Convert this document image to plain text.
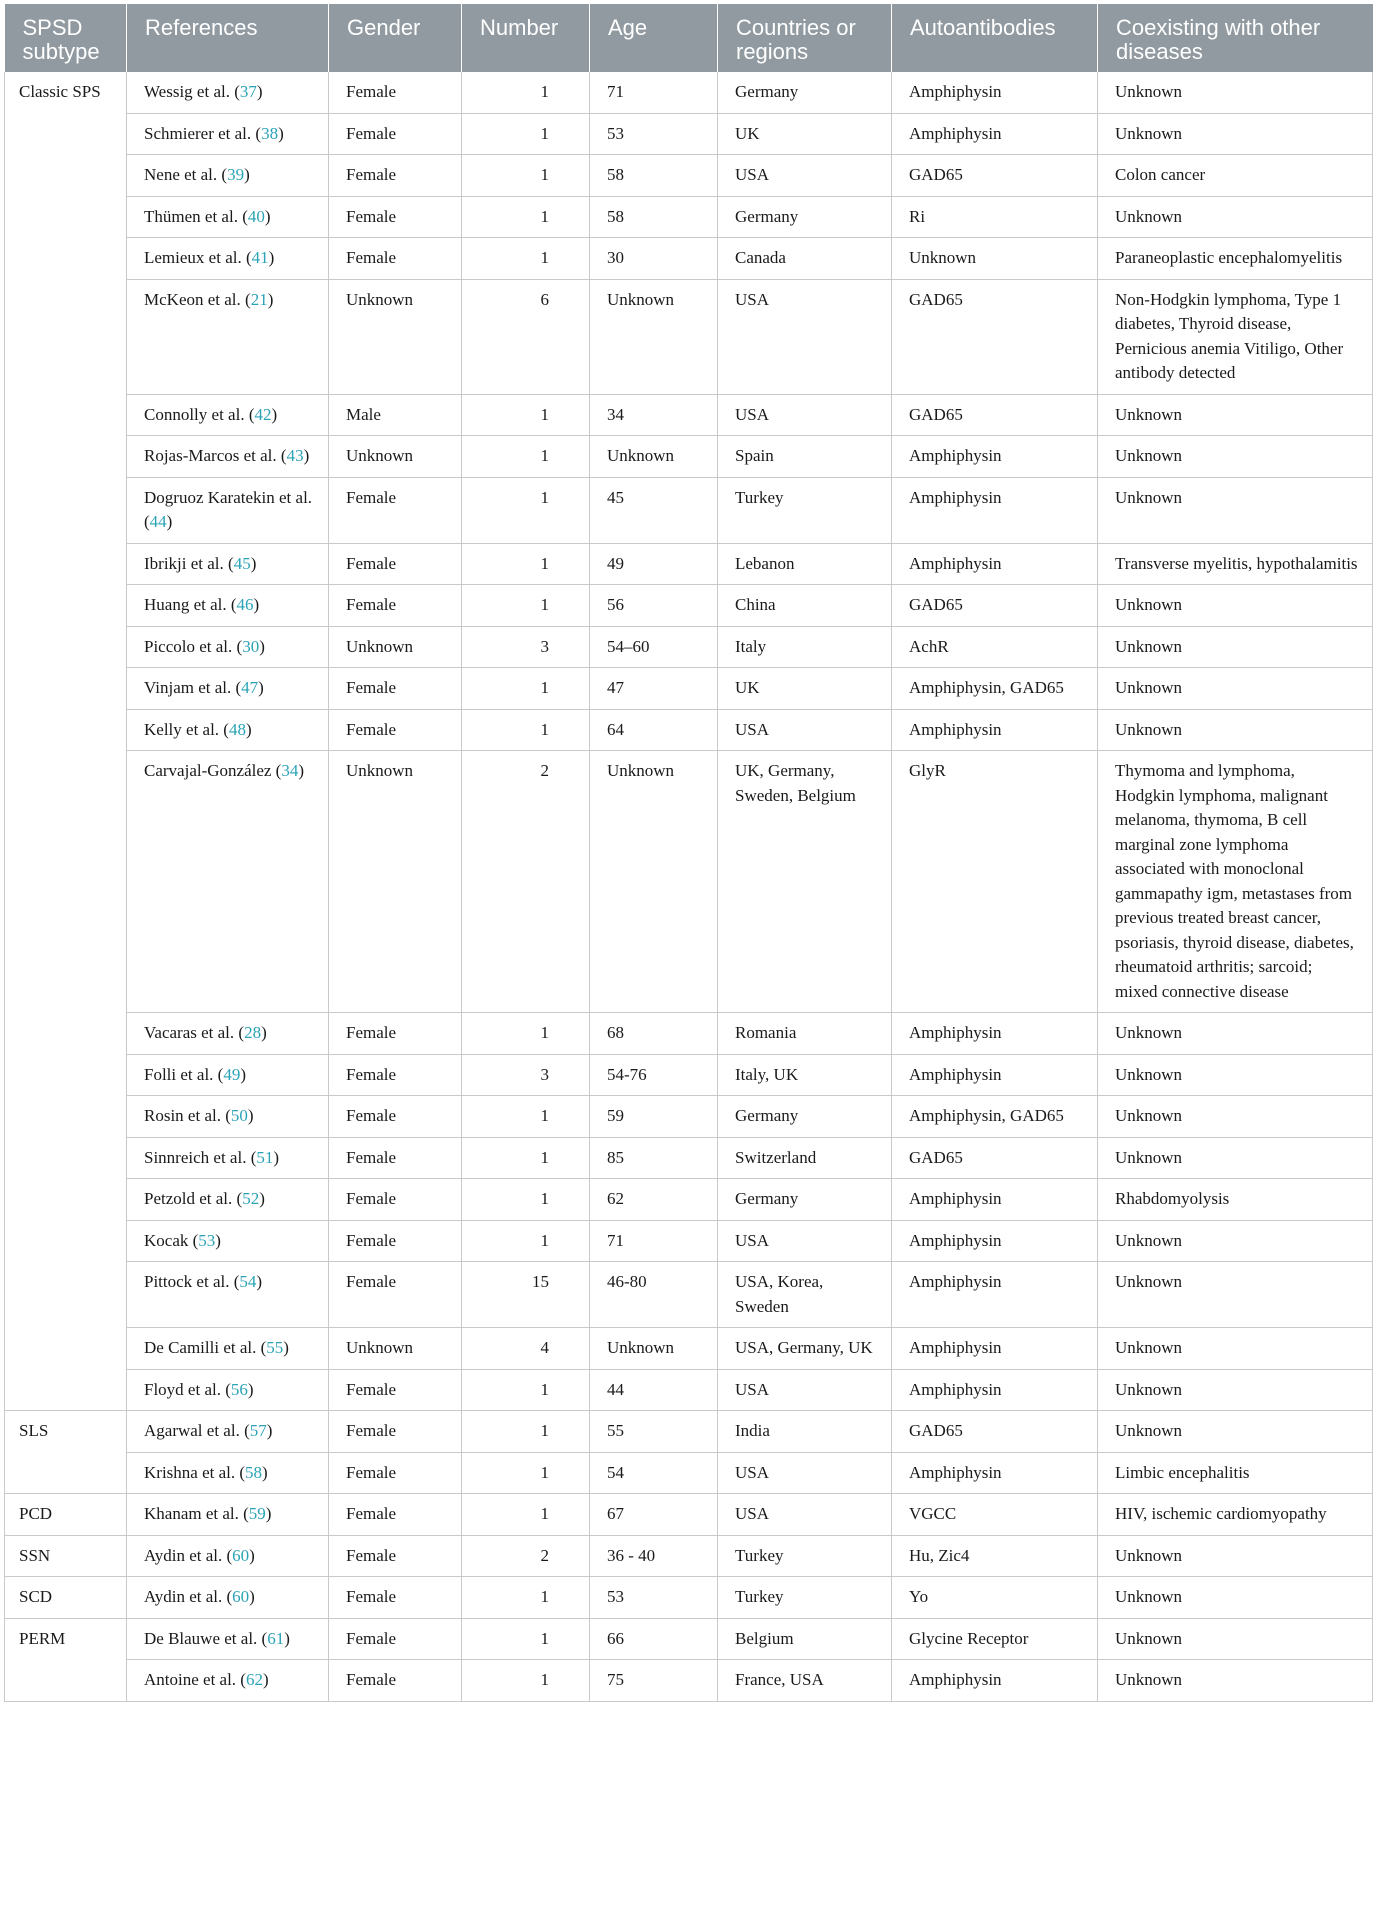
SPSD subtype	References	Gender	Number	Age	Countries or regions	Autoantibodies	Coexisting with other diseases
Classic SPS	Wessig et al. (37)	Female	1	71	Germany	Amphiphysin	Unknown
	Schmierer et al. (38)	Female	1	53	UK	Amphiphysin	Unknown
	Nene et al. (39)	Female	1	58	USA	GAD65	Colon cancer
	Thümen et al. (40)	Female	1	58	Germany	Ri	Unknown
	Lemieux et al. (41)	Female	1	30	Canada	Unknown	Paraneoplastic encephalomyelitis
	McKeon et al. (21)	Unknown	6	Unknown	USA	GAD65	Non-Hodgkin lymphoma, Type 1 diabetes, Thyroid disease, Pernicious anemia Vitiligo, Other antibody detected
	Connolly et al. (42)	Male	1	34	USA	GAD65	Unknown
	Rojas-Marcos et al. (43)	Unknown	1	Unknown	Spain	Amphiphysin	Unknown
	Dogruoz Karatekin et al. (44)	Female	1	45	Turkey	Amphiphysin	Unknown
	Ibrikji et al. (45)	Female	1	49	Lebanon	Amphiphysin	Transverse myelitis, hypothalamitis
	Huang et al. (46)	Female	1	56	China	GAD65	Unknown
	Piccolo et al. (30)	Unknown	3	54–60	Italy	AchR	Unknown
	Vinjam et al. (47)	Female	1	47	UK	Amphiphysin, GAD65	Unknown
	Kelly et al. (48)	Female	1	64	USA	Amphiphysin	Unknown
	Carvajal-González (34)	Unknown	2	Unknown	UK, Germany, Sweden, Belgium	GlyR	Thymoma and lymphoma, Hodgkin lymphoma, malignant melanoma, thymoma, B cell marginal zone lymphoma associated with monoclonal gammapathy igm, metastases from previous treated breast cancer, psoriasis, thyroid disease, diabetes, rheumatoid arthritis; sarcoid; mixed connective disease
	Vacaras et al. (28)	Female	1	68	Romania	Amphiphysin	Unknown
	Folli et al. (49)	Female	3	54-76	Italy, UK	Amphiphysin	Unknown
	Rosin et al. (50)	Female	1	59	Germany	Amphiphysin, GAD65	Unknown
	Sinnreich et al. (51)	Female	1	85	Switzerland	GAD65	Unknown
	Petzold et al. (52)	Female	1	62	Germany	Amphiphysin	Rhabdomyolysis
	Kocak (53)	Female	1	71	USA	Amphiphysin	Unknown
	Pittock et al. (54)	Female	15	46-80	USA, Korea, Sweden	Amphiphysin	Unknown
	De Camilli et al. (55)	Unknown	4	Unknown	USA, Germany, UK	Amphiphysin	Unknown
	Floyd et al. (56)	Female	1	44	USA	Amphiphysin	Unknown
SLS	Agarwal et al. (57)	Female	1	55	India	GAD65	Unknown
	Krishna et al. (58)	Female	1	54	USA	Amphiphysin	Limbic encephalitis
PCD	Khanam et al. (59)	Female	1	67	USA	VGCC	HIV, ischemic cardiomyopathy
SSN	Aydin et al. (60)	Female	2	36 - 40	Turkey	Hu, Zic4	Unknown
SCD	Aydin et al. (60)	Female	1	53	Turkey	Yo	Unknown
PERM	De Blauwe et al. (61)	Female	1	66	Belgium	Glycine Receptor	Unknown
	Antoine et al. (62)	Female	1	75	France, USA	Amphiphysin	Unknown
